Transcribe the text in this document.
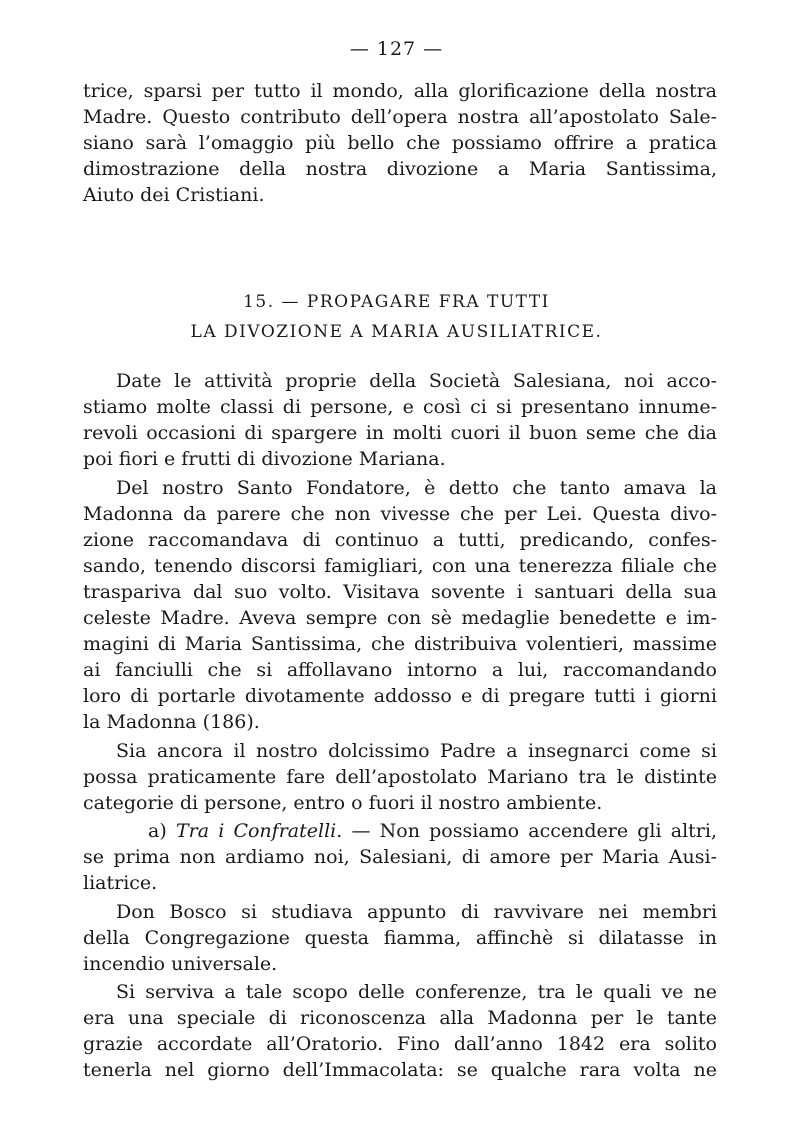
— 127 —
trice, sparsi per tutto il mondo, alla glorificazione della nostra
Madre. Questo contributo dell’opera nostra all’apostolato Sale-
siano sarà l’omaggio più bello che possiamo offrire a pratica
dimostrazione della nostra divozione a Maria Santissima,
Aiuto dei Cristiani.
15. — PROPAGARE FRA TUTTI
LA DIVOZIONE A MARIA AUSILIATRICE.
Date le attività proprie della Società Salesiana, noi acco-
stiamo molte classi di persone, e così ci si presentano innume-
revoli occasioni di spargere in molti cuori il buon seme che dia
poi fiori e frutti di divozione Mariana.
Del nostro Santo Fondatore, è detto che tanto amava la
Madonna da parere che non vivesse che per Lei. Questa divo-
zione raccomandava di continuo a tutti, predicando, confes-
sando, tenendo discorsi famigliari, con una tenerezza filiale che
traspariva dal suo volto. Visitava sovente i santuari della sua
celeste Madre. Aveva sempre con sè medaglie benedette e im-
magini di Maria Santissima, che distribuiva volentieri, massime
ai fanciulli che si affollavano intorno a lui, raccomandando
loro di portarle divotamente addosso e di pregare tutti i giorni
la Madonna (186).
Sia ancora il nostro dolcissimo Padre a insegnarci come si
possa praticamente fare dell’apostolato Mariano tra le distinte
categorie di persone, entro o fuori il nostro ambiente.
a) Tra i Confratelli. — Non possiamo accendere gli altri,
se prima non ardiamo noi, Salesiani, di amore per Maria Ausi-
liatrice.
Don Bosco si studiava appunto di ravvivare nei membri
della Congregazione questa fiamma, affinchè si dilatasse in
incendio universale.
Si serviva a tale scopo delle conferenze, tra le quali ve ne
era una speciale di riconoscenza alla Madonna per le tante
grazie accordate all’Oratorio. Fino dall’anno 1842 era solito
tenerla nel giorno dell’Immacolata: se qualche rara volta ne
